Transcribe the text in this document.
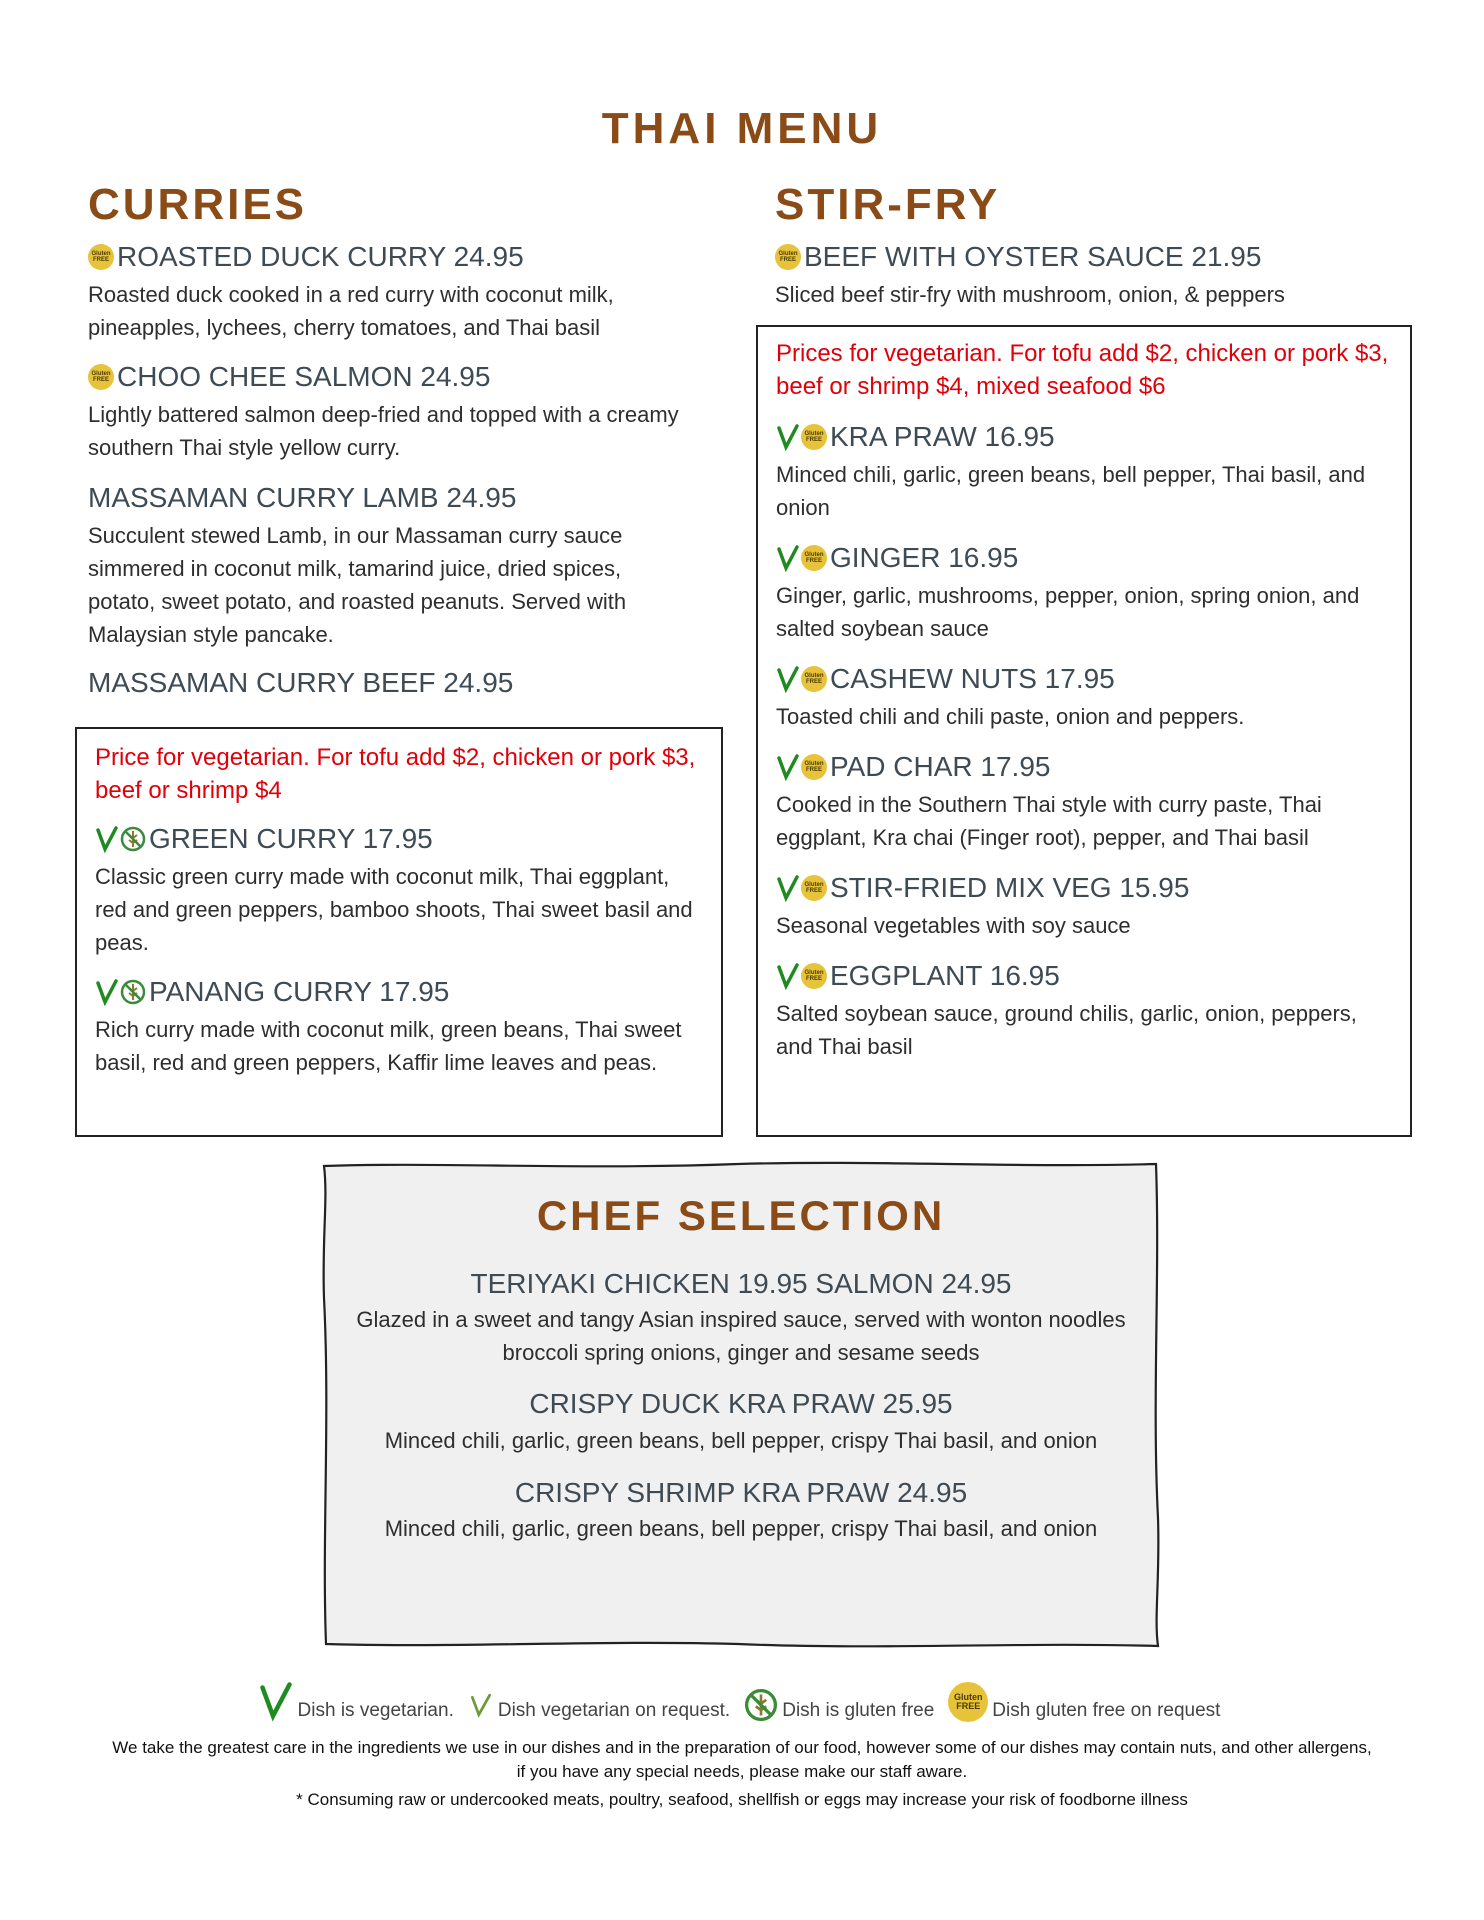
THAI MENU
CURRIES
Gluten
FREE ROASTED DUCK CURRY 24.95
Roasted duck cooked in a red curry with coconut milk, pineapples, lychees, cherry tomatoes, and Thai basil
Gluten
FREE CHOO CHEE SALMON 24.95
Lightly battered salmon deep-fried and topped with a creamy southern Thai style yellow curry.
MASSAMAN CURRY LAMB 24.95
Succulent stewed Lamb, in our Massaman curry sauce simmered in coconut milk, tamarind juice, dried spices, potato, sweet potato, and roasted peanuts. Served with Malaysian style pancake.
MASSAMAN CURRY BEEF 24.95
Price for vegetarian. For tofu add $2, chicken or pork $3, beef or shrimp $4
GREEN CURRY 17.95
Classic green curry made with coconut milk, Thai eggplant, red and green peppers, bamboo shoots, Thai sweet basil and peas.
PANANG CURRY 17.95
Rich curry made with coconut milk, green beans, Thai sweet basil, red and green peppers, Kaffir lime leaves and peas.
STIR-FRY
Gluten
FREE BEEF WITH OYSTER SAUCE 21.95
Sliced beef stir-fry with mushroom, onion, & peppers
Prices for vegetarian. For tofu add $2, chicken or pork $3, beef or shrimp $4, mixed seafood $6
Gluten
FREE KRA PRAW 16.95
Minced chili, garlic, green beans, bell pepper, Thai basil, and onion
Gluten
FREE GINGER 16.95
Ginger, garlic, mushrooms, pepper, onion, spring onion, and salted soybean sauce
Gluten
FREE CASHEW NUTS 17.95
Toasted chili and chili paste, onion and peppers.
Gluten
FREE PAD CHAR 17.95
Cooked in the Southern Thai style with curry paste, Thai eggplant, Kra chai (Finger root), pepper, and Thai basil
Gluten
FREE STIR-FRIED MIX VEG 15.95
Seasonal vegetables with soy sauce
Gluten
FREE EGGPLANT 16.95
Salted soybean sauce, ground chilis, garlic, onion, peppers, and Thai basil
CHEF SELECTION
TERIYAKI CHICKEN 19.95 SALMON 24.95
Glazed in a sweet and tangy Asian inspired sauce, served with wonton noodles broccoli spring onions, ginger and sesame seeds
CRISPY DUCK KRA PRAW 25.95
Minced chili, garlic, green beans, bell pepper, crispy Thai basil, and onion
CRISPY SHRIMP KRA PRAW 24.95
Minced chili, garlic, green beans, bell pepper, crispy Thai basil, and onion
Dish is vegetarian. Dish vegetarian on request.	Dish is gluten free
Gluten
FREE Dish gluten free on request
We take the greatest care in the ingredients we use in our dishes and in the preparation of our food, however some of our dishes may contain nuts, and other allergens, if you have any special needs, please make our staff aware.
* Consuming raw or undercooked meats, poultry, seafood, shellfish or eggs may increase your risk of foodborne illness
